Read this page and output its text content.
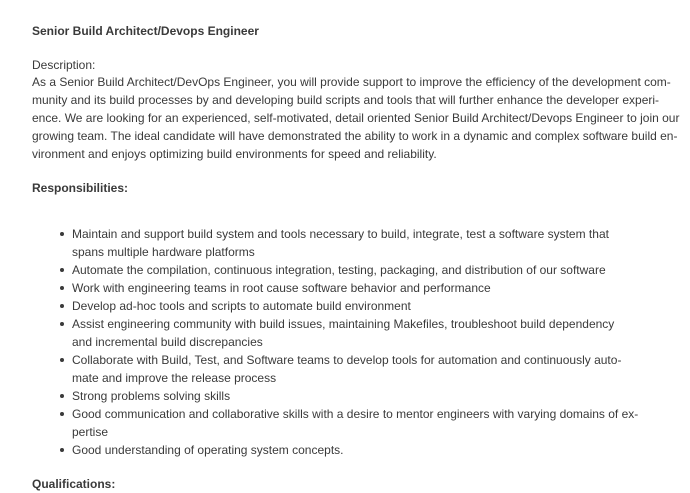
Senior Build Architect/Devops Engineer
Description:
As a Senior Build Architect/DevOps Engineer, you will provide support to improve the efficiency of the development com-
munity and its build processes by and developing build scripts and tools that will further enhance the developer experi-
ence. We are looking for an experienced, self-motivated, detail oriented Senior Build Architect/Devops Engineer to join our
growing team. The ideal candidate will have demonstrated the ability to work in a dynamic and complex software build en-
vironment and enjoys optimizing build environments for speed and reliability.
Responsibilities:
Maintain and support build system and tools necessary to build, integrate, test a software system that
spans multiple hardware platforms
Automate the compilation, continuous integration, testing, packaging, and distribution of our software
Work with engineering teams in root cause software behavior and performance
Develop ad-hoc tools and scripts to automate build environment
Assist engineering community with build issues, maintaining Makefiles, troubleshoot build dependency
and incremental build discrepancies
Collaborate with Build, Test, and Software teams to develop tools for automation and continuously auto-
mate and improve the release process
Strong problems solving skills
Good communication and collaborative skills with a desire to mentor engineers with varying domains of ex-
pertise
Good understanding of operating system concepts.
Qualifications:
